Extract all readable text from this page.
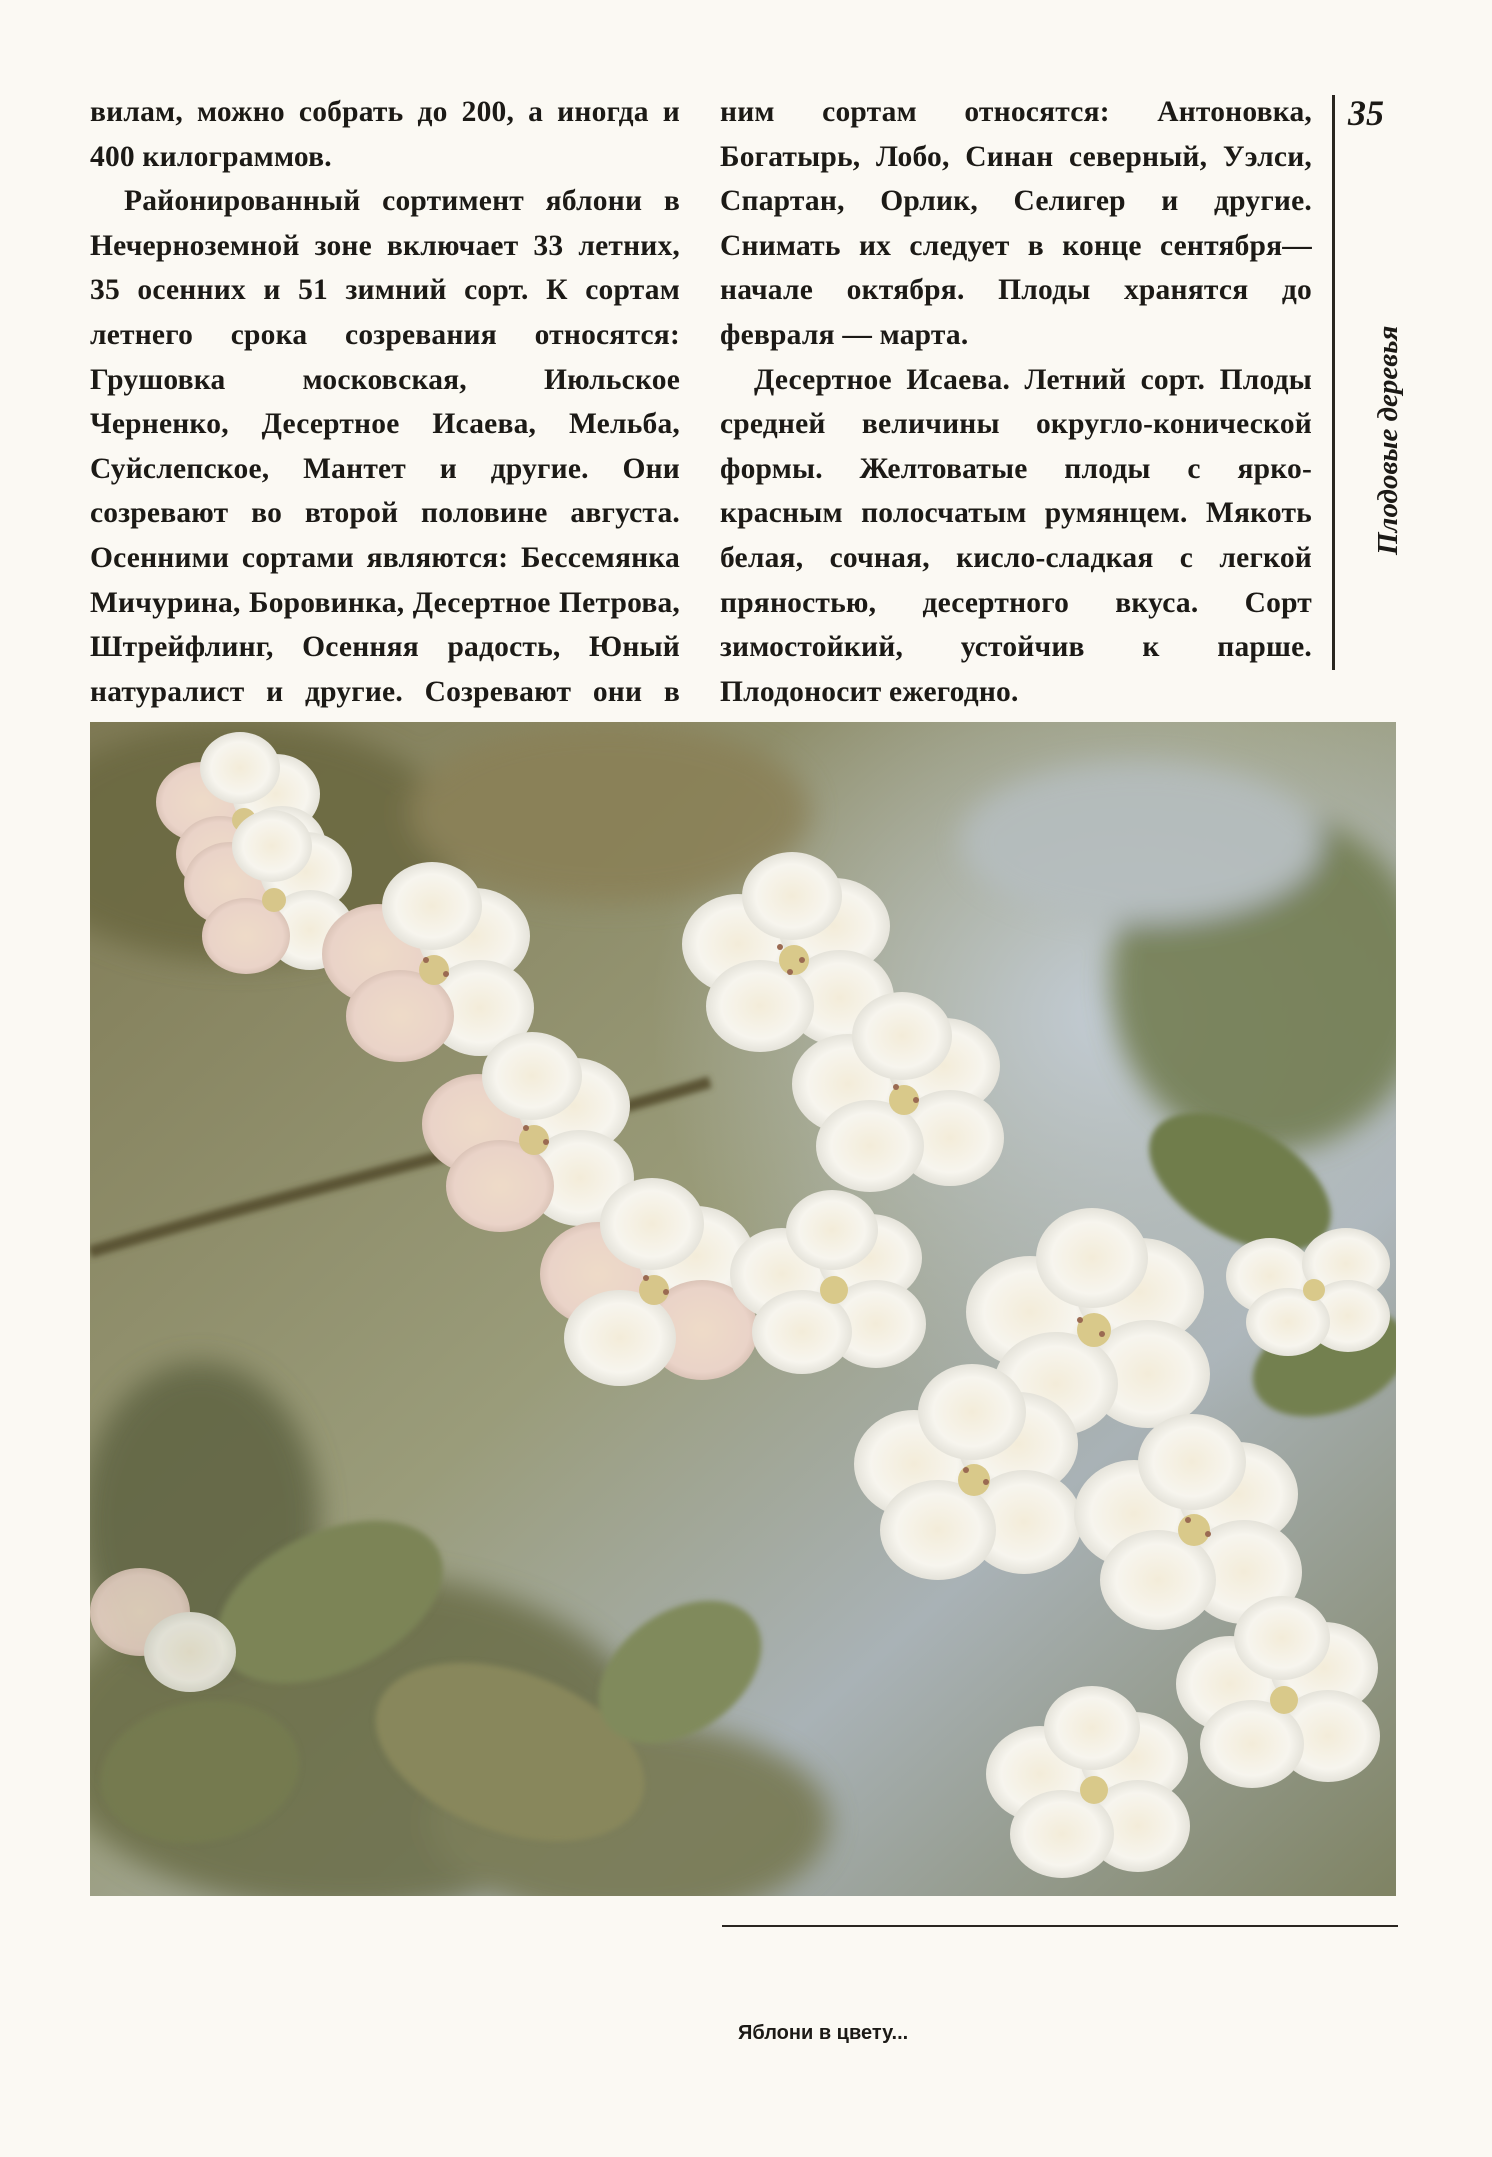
вилам, можно собрать до 200, а иногда и 400 килограммов.

Районированный сортимент яблони в Нечерноземной зоне включает 33 летних, 35 осенних и 51 зимний сорт. К сортам летнего срока созревания относятся: Грушовка московская, Июльское Черненко, Десертное Исаева, Мельба, Суйслепское, Мантет и другие. Они созревают во второй половине августа. Осенними сортами являются: Бессемянка Мичурина, Боровинка, Десертное Петрова, Штрейфлинг, Осенняя радость, Юный натуралист и другие. Созревают они в

ним сортам относятся: Антоновка, Богатырь, Лобо, Синан северный, Уэлси, Спартан, Орлик, Селигер и другие. Снимать их следует в конце сентября— начале октября. Плоды хранятся до февраля — марта.

Десертное Исаева. Летний сорт. Плоды средней величины округло-конической формы. Желтоватые плоды с ярко-красным полосчатым румянцем. Мякоть белая, сочная, кисло-сладкая с легкой пряностью, десертного вкуса. Сорт зимостойкий, устойчив к парше. Плодоносит ежегодно.

35
Плодовые деревья
Яблони в цвету...
